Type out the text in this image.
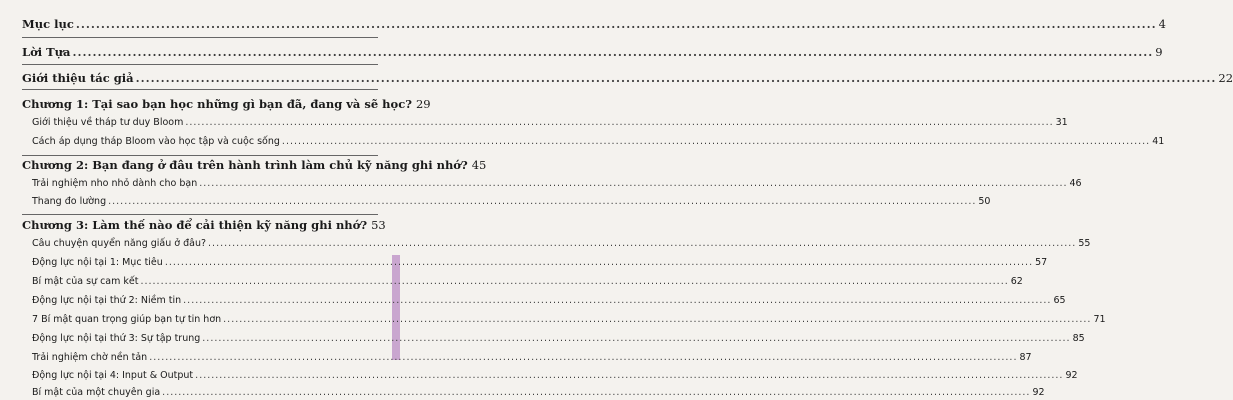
Mục lục .....	4
Lời Tựa .....	9
Giới thiệu tác giả .....	22
Chương 1: Tại sao bạn học những gì bạn đã, đang và sẽ học? 29
Giới thiệu về tháp tư duy Bloom .....	31
Cách áp dụng tháp Bloom vào học tập và cuộc sống .....	41
Chương 2: Bạn đang ở đâu trên hành trình làm chủ kỹ năng ghi nhớ? 45
Trải nghiệm nho nhỏ dành cho bạn .....	46
Thang đo lường .....	50
Chương 3: Làm thế nào để cải thiện kỹ năng ghi nhớ? 53
Câu chuyện quyển năng giấu ở đâu? .....	55
Động lực nội tại 1: Mục tiêu .....	57
Bí mật của sự cam kết .....	62
Động lực nội tại thứ 2: Niềm tin .....	65
7 Bí mật quan trọng giúp bạn tự tin hơn .....	71
Động lực nội tại thứ 3: Sự tập trung .....	85
Trải nghiệm chờ nền tản .....	87
Động lực nội tại 4: Input & Output .....	92
Bí mật của một chuyên gia .....	92
